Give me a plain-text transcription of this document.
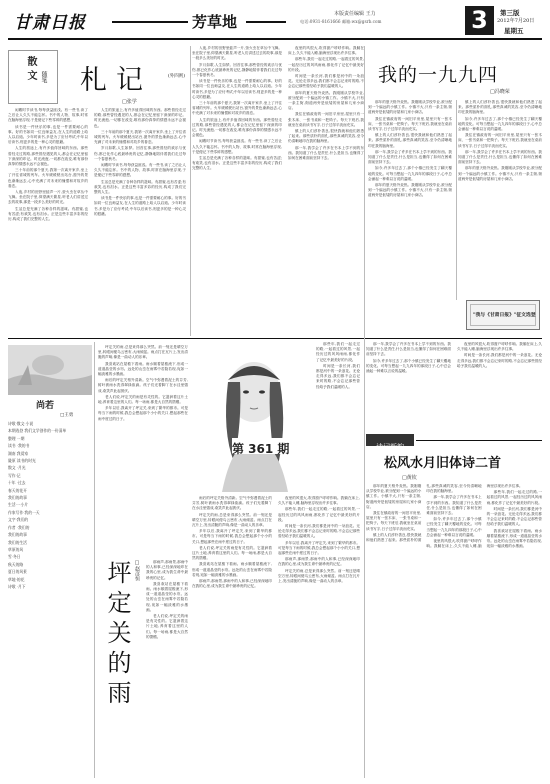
甘肃日报	芳草地	本版责任编辑 王力
电话:0931-8161666 邮箱:wx@gsrb.com	3	第三版
2012年7月20日
星期五
散文 随笔 札记	(外四则)
□张学

闲暇时节读书,每每获益匪浅。有一些书,读了之后让人久久不能忘怀。书中的人物、故事,时常在脑海里浮现,于是便记下些零碎的感想。

读书是一件快乐的事,也是一件需要耐心的事。好的书如同一位良师益友,在人生的道路上给人以启迪。少年时读书,多是为了应付考试;中年以后读书,则更多的是一种心灵的慰藉。

人生的旅途上,有许多值得回味的东西。那些曾经走过的路,那些曾经遇见的人,都会在记忆里留下深深的印记。时光流逝,一切都在改变,唯有那份真挚的情感永远不会褪色。

三十年前的那个夏天,我第一次离开家乡,坐上了开往省城的列车。火车缓缓驶出站台,窗外的景色渐渐远去,心中充满了对未来的憧憬和对故乡的眷恋。

入夜,乡村的田野里蛙声一片,萤火虫在草丛中飞舞。坐在院子里,仰望满天繁星,听老人们讲述过去的故事,那是一段多么美好的时光。

生活总是充满了各种各样的滋味。有甜蜜,也有苦涩;有欢笑,也有泪水。正是这些丰富多彩的经历,构成了我们完整的人生。

人生的旅途上,有许多值得回味的东西。那些曾经走过的路,那些曾经遇见的人,都会在记忆里留下深深的印记。时光流逝,一切都在改变,唯有那份真挚的情感永远不会褪色。

三十年前的那个夏天,我第一次离开家乡,坐上了开往省城的列车。火车缓缓驶出站台,窗外的景色渐渐远去,心中充满了对未来的憧憬和对故乡的眷恋。

岁月如歌,人生如梦。回首往事,那些曾经的欢乐与忧伤,都已化作心底最珍贵的记忆,静静地陪伴着我们走过每一个春夏秋冬。

闲暇时节读书,每每获益匪浅。有一些书,读了之后让人久久不能忘怀。书中的人物、故事,时常在脑海里浮现,于是便记下些零碎的感想。

生活总是充满了各种各样的滋味。有甜蜜,也有苦涩;有欢笑,也有泪水。正是这些丰富多彩的经历,构成了我们完整的人生。

读书是一件快乐的事,也是一件需要耐心的事。好的书如同一位良师益友,在人生的道路上给人以启迪。少年时读书,多是为了应付考试;中年以后读书,则更多的是一种心灵的慰藉。

入夜,乡村的田野里蛙声一片,萤火虫在草丛中飞舞。坐在院子里,仰望满天繁星,听老人们讲述过去的故事,那是一段多么美好的时光。

岁月如歌,人生如梦。回首往事,那些曾经的欢乐与忧伤,都已化作心底最珍贵的记忆,静静地陪伴着我们走过每一个春夏秋冬。

读书是一件快乐的事,也是一件需要耐心的事。好的书如同一位良师益友,在人生的道路上给人以启迪。少年时读书,多是为了应付考试;中年以后读书,则更多的是一种心灵的慰藉。

三十年前的那个夏天,我第一次离开家乡,坐上了开往省城的列车。火车缓缓驶出站台,窗外的景色渐渐远去,心中充满了对未来的憧憬和对故乡的眷恋。

人生的旅途上,有许多值得回味的东西。那些曾经走过的路,那些曾经遇见的人,都会在记忆里留下深深的印记。时光流逝,一切都在改变,唯有那份真挚的情感永远不会褪色。

闲暇时节读书,每每获益匪浅。有一些书,读了之后让人久久不能忘怀。书中的人物、故事,时常在脑海里浮现,于是便记下些零碎的感想。

生活总是充满了各种各样的滋味。有甜蜜,也有苦涩;有欢笑,也有泪水。正是这些丰富多彩的经历,构成了我们完整的人生。

夜里的风很大,吹得窗户呼呼作响。我躺在床上,久久不能入睡,脑海里浮现出许多往事。

那些年,我们一起走过的路,一起看过的风景,一起经历过的风风雨雨,都化作了记忆中最美好的片段。

时间是一条长河,我们都是河中的一朵浪花。无论走得多远,我们都不会忘记来时的路,不会忘记那些曾经给予我们温暖的人。

那年的夏天格外炎热。我刚刚从学校毕业,被分配到一个偏远的小镇工作。小镇不大,只有一条主街,街道两旁是低矮的房屋和几家小商店。

我住在镇政府的一间旧平房里,屋里只有一张木床、一张书桌和一把椅子。每天下班后,我就坐在桌前读书写字,日子过得平淡而充实。

镇上的人们淳朴善良,很快我就和他们熟悉了起来。那些质朴的面孔,那些真诚的笑容,至今仍清晰地印在我的脑海里。

那一年,我学会了许多在书本上学不到的东西。我知道了什么是责任,什么是担当,也懂得了如何在困难面前坚持下去。

我的一九九四
□冯晓荣

那年的夏天格外炎热。我刚刚从学校毕业,被分配到一个偏远的小镇工作。小镇不大,只有一条主街,街道两旁是低矮的房屋和几家小商店。

我住在镇政府的一间旧平房里,屋里只有一张木床、一张书桌和一把椅子。每天下班后,我就坐在桌前读书写字,日子过得平淡而充实。

镇上的人们淳朴善良,很快我就和他们熟悉了起来。那些质朴的面孔,那些真诚的笑容,至今仍清晰地印在我的脑海里。

那一年,我学会了许多在书本上学不到的东西。我知道了什么是责任,什么是担当,也懂得了如何在困难面前坚持下去。

如今,许多年过去了,那个小镇已经发生了翻天覆地的变化。可每当想起一九九四年的那段日子,心中总会涌起一种难以言说的温暖。

那年的夏天格外炎热。我刚刚从学校毕业,被分配到一个偏远的小镇工作。小镇不大,只有一条主街,街道两旁是低矮的房屋和几家小商店。

镇上的人们淳朴善良,很快我就和他们熟悉了起来。那些质朴的面孔,那些真诚的笑容,至今仍清晰地印在我的脑海里。

如今,许多年过去了,那个小镇已经发生了翻天覆地的变化。可每当想起一九九四年的那段日子,心中总会涌起一种难以言说的温暖。

我住在镇政府的一间旧平房里,屋里只有一张木床、一张书桌和一把椅子。每天下班后,我就坐在桌前读书写字,日子过得平淡而充实。

那一年,我学会了许多在书本上学不到的东西。我知道了什么是责任,什么是担当,也懂得了如何在困难面前坚持下去。

那年的夏天格外炎热。我刚刚从学校毕业,被分配到一个偏远的小镇工作。小镇不大,只有一条主街,街道两旁是低矮的房屋和几家小商店。

"我与《甘肃日报》"征文选登
尚若
□王勇
诗歌·散文·小说
本期选登 我们文学创作的一份清单
整理 一期
读书 ·我的书
湖南 我爱家
陇原 读书的时光
散文 ·月光
写作·记
十年 ·过去
春天的花开
我们的故事
生活·一小片
作家写作·我的一天
文字·我们的
作者 ·我们的
我们的故事
我们的生活
草原的风
雪·冬日
秋天的路
夏日的风景
草地·的花
诗歌 ·月下	坪定关的雨 □赵彦恒

坪定关的雨,总是来得那么突然。前一刻还是晴空万里,转眼间便乌云密布,大雨倾盆。雨点打在瓦片上,发出清脆的声响,像是一曲动人的乐章。

我喜欢站在屋檐下看雨。雨水顺着屋檐流下,形成一道道晶莹的水帘。远处的山峦在雨雾中若隐若现,宛如一幅淡雅的水墨画。

雨后的坪定关格外清新。空气中弥漫着泥土的芬芳,树叶被雨水洗得翠绿欲滴。孩子们光着脚丫在水洼里嬉戏,欢笑声此起彼伏。

老人们说,坪定关的雨是有灵性的。它滋润着这片土地,养育着这里的人们。每一场雨,都是大自然的馈赠。

多年以后,我离开了坪定关,来到了繁华的都市。可是每当下雨的时候,我总会想起那个小小的关口,想起那些在雨中度过的日子。

那雨声,那雨景,那雨中的人和事,已经深深地印在我的心里,成为我生命中最珍贵的记忆。

我喜欢站在屋檐下看雨。雨水顺着屋檐流下,形成一道道晶莹的水帘。远处的山峦在雨雾中若隐若现,宛如一幅淡雅的水墨画。

老人们说,坪定关的雨是有灵性的。它滋润着这片土地,养育着这里的人们。每一场雨,都是大自然的馈赠。

第 361 期

雨后的坪定关格外清新。空气中弥漫着泥土的芬芳,树叶被雨水洗得翠绿欲滴。孩子们光着脚丫在水洼里嬉戏,欢笑声此起彼伏。

坪定关的雨,总是来得那么突然。前一刻还是晴空万里,转眼间便乌云密布,大雨倾盆。雨点打在瓦片上,发出清脆的声响,像是一曲动人的乐章。

多年以后,我离开了坪定关,来到了繁华的都市。可是每当下雨的时候,我总会想起那个小小的关口,想起那些在雨中度过的日子。

老人们说,坪定关的雨是有灵性的。它滋润着这片土地,养育着这里的人们。每一场雨,都是大自然的馈赠。

我喜欢站在屋檐下看雨。雨水顺着屋檐流下,形成一道道晶莹的水帘。远处的山峦在雨雾中若隐若现,宛如一幅淡雅的水墨画。

那雨声,那雨景,那雨中的人和事,已经深深地印在我的心里,成为我生命中最珍贵的记忆。

夜里的风很大,吹得窗户呼呼作响。我躺在床上,久久不能入睡,脑海里浮现出许多往事。

那些年,我们一起走过的路,一起看过的风景,一起经历过的风风雨雨,都化作了记忆中最美好的片段。

时间是一条长河,我们都是河中的一朵浪花。无论走得多远,我们都不会忘记来时的路,不会忘记那些曾经给予我们温暖的人。

多年以后,我离开了坪定关,来到了繁华的都市。可是每当下雨的时候,我总会想起那个小小的关口,想起那些在雨中度过的日子。

那雨声,那雨景,那雨中的人和事,已经深深地印在我的心里,成为我生命中最珍贵的记忆。

坪定关的雨,总是来得那么突然。前一刻还是晴空万里,转眼间便乌云密布,大雨倾盆。雨点打在瓦片上,发出清脆的声响,像是一曲动人的乐章。

那些年,我们一起走过的路,一起看过的风景,一起经历过的风风雨雨,都化作了记忆中最美好的片段。

时间是一条长河,我们都是河中的一朵浪花。无论走得多远,我们都不会忘记来时的路,不会忘记那些曾经给予我们温暖的人。

那一年,我学会了许多在书本上学不到的东西。我知道了什么是责任,什么是担当,也懂得了如何在困难面前坚持下去。

如今,许多年过去了,那个小镇已经发生了翻天覆地的变化。可每当想起一九九四年的那段日子,心中总会涌起一种难以言说的温暖。

夜里的风很大,吹得窗户呼呼作响。我躺在床上,久久不能入睡,脑海里浮现出许多往事。

时间是一条长河,我们都是河中的一朵浪花。无论走得多远,我们都不会忘记来时的路,不会忘记那些曾经给予我们温暖的人。

诗词新韵
松风水月旧体诗二首
□黄钦

那年的夏天格外炎热。我刚刚从学校毕业,被分配到一个偏远的小镇工作。小镇不大,只有一条主街,街道两旁是低矮的房屋和几家小商店。

我住在镇政府的一间旧平房里,屋里只有一张木床、一张书桌和一把椅子。每天下班后,我就坐在桌前读书写字,日子过得平淡而充实。

镇上的人们淳朴善良,很快我就和他们熟悉了起来。那些质朴的面孔,那些真诚的笑容,至今仍清晰地印在我的脑海里。

那一年,我学会了许多在书本上学不到的东西。我知道了什么是责任,什么是担当,也懂得了如何在困难面前坚持下去。

如今,许多年过去了,那个小镇已经发生了翻天覆地的变化。可每当想起一九九四年的那段日子,心中总会涌起一种难以言说的温暖。

夜里的风很大,吹得窗户呼呼作响。我躺在床上,久久不能入睡,脑海里浮现出许多往事。

那些年,我们一起走过的路,一起看过的风景,一起经历过的风风雨雨,都化作了记忆中最美好的片段。

时间是一条长河,我们都是河中的一朵浪花。无论走得多远,我们都不会忘记来时的路,不会忘记那些曾经给予我们温暖的人。

我喜欢站在屋檐下看雨。雨水顺着屋檐流下,形成一道道晶莹的水帘。远处的山峦在雨雾中若隐若现,宛如一幅淡雅的水墨画。
